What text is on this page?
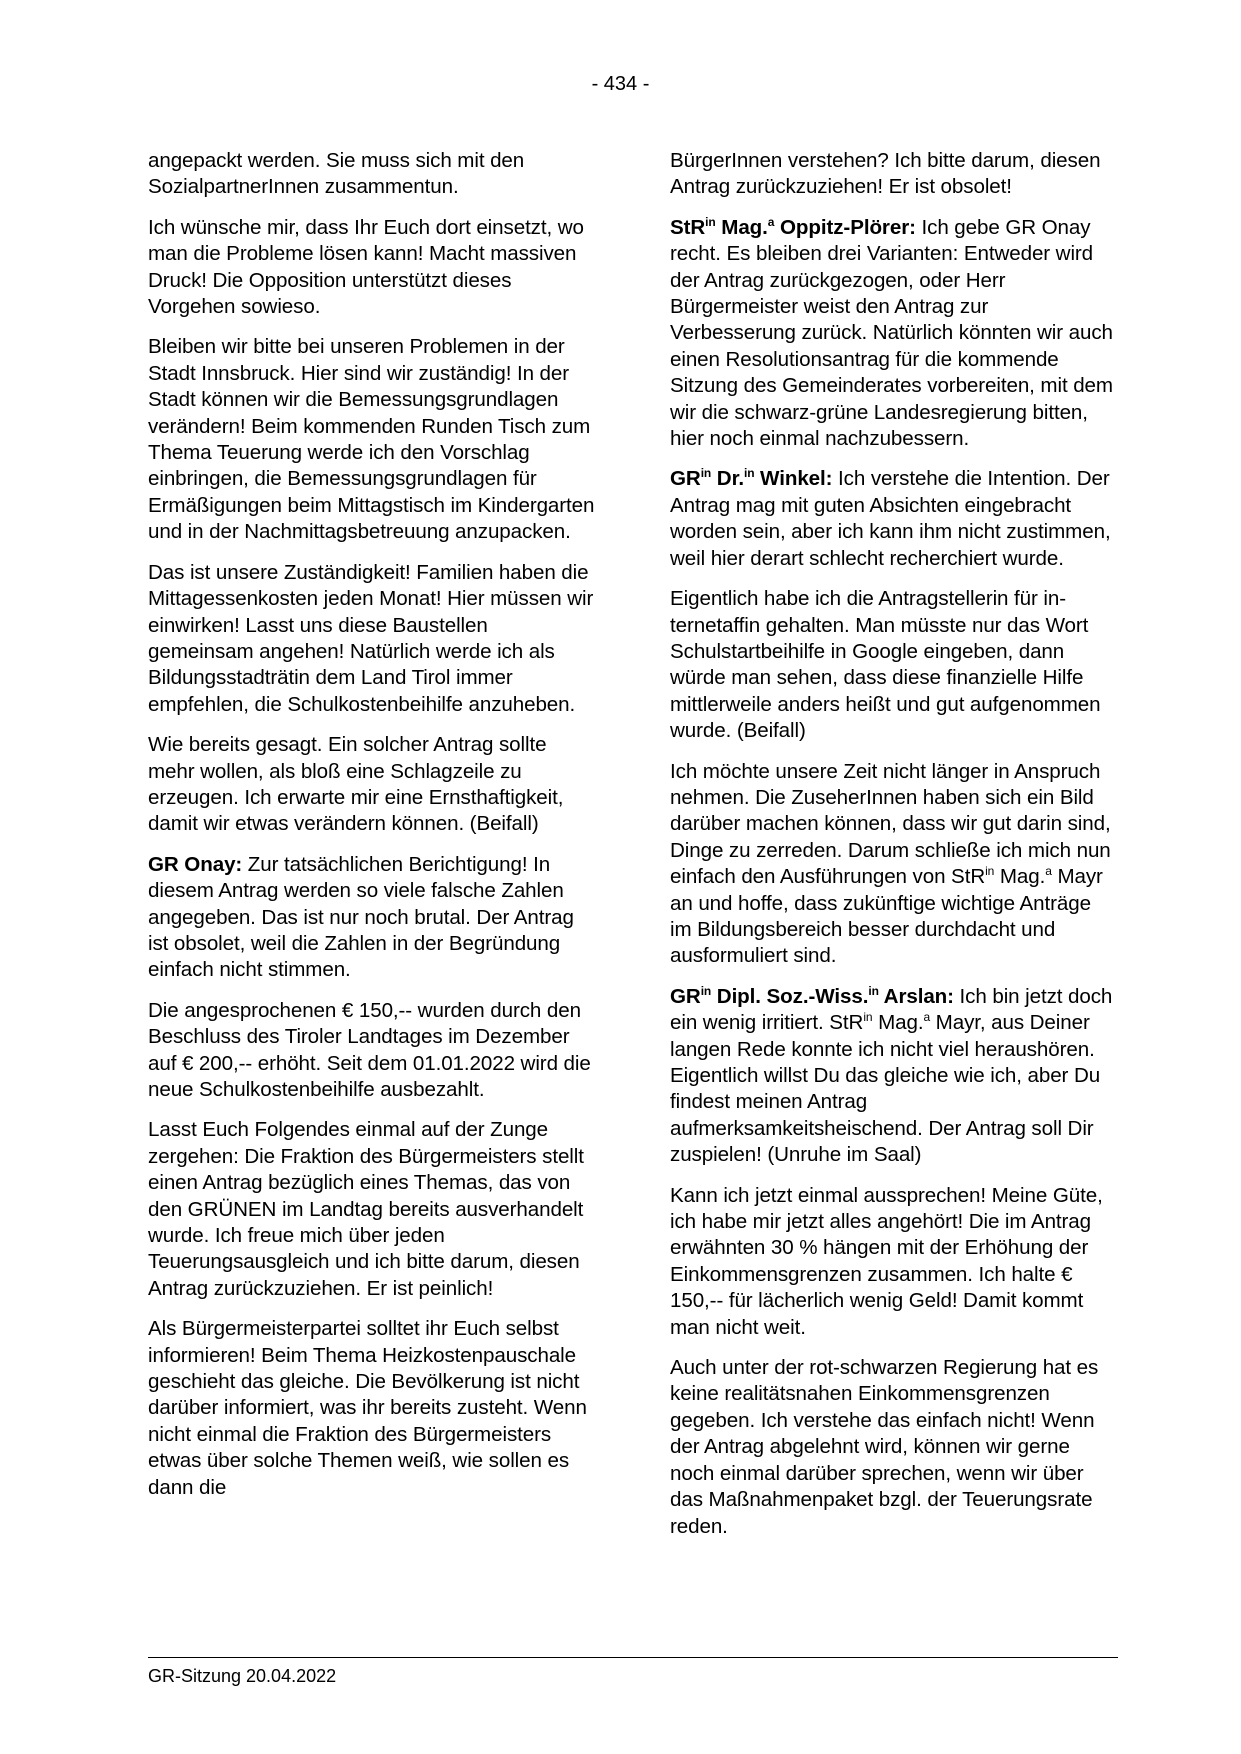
- 434 -

angepackt werden. Sie muss sich mit den SozialpartnerInnen zusammentun.

Ich wünsche mir, dass Ihr Euch dort einsetzt, wo man die Probleme lösen kann! Macht massiven Druck! Die Opposition unterstützt dieses Vorgehen sowieso.

Bleiben wir bitte bei unseren Problemen in der Stadt Innsbruck. Hier sind wir zuständig! In der Stadt können wir die Bemessungsgrundlagen verändern! Beim kommenden Runden Tisch zum Thema Teuerung werde ich den Vorschlag einbringen, die Bemessungsgrundlagen für Ermäßigungen beim Mittagstisch im Kindergarten und in der Nachmittagsbetreuung anzupacken.

Das ist unsere Zuständigkeit! Familien haben die Mittagessenkosten jeden Monat! Hier müssen wir einwirken! Lasst uns diese Baustellen gemeinsam angehen! Natürlich werde ich als Bildungsstadträtin dem Land Tirol immer empfehlen, die Schulkostenbeihilfe anzuheben.

Wie bereits gesagt. Ein solcher Antrag sollte mehr wollen, als bloß eine Schlagzeile zu erzeugen. Ich erwarte mir eine Ernsthaftigkeit, damit wir etwas verändern können. (Beifall)

GR Onay: Zur tatsächlichen Berichtigung! In diesem Antrag werden so viele falsche Zahlen angegeben. Das ist nur noch brutal. Der Antrag ist obsolet, weil die Zahlen in der Begründung einfach nicht stimmen.

Die angesprochenen € 150,-- wurden durch den Beschluss des Tiroler Landtages im Dezember auf € 200,-- erhöht. Seit dem 01.01.2022 wird die neue Schulkostenbeihilfe ausbezahlt.

Lasst Euch Folgendes einmal auf der Zunge zergehen: Die Fraktion des Bürgermeisters stellt einen Antrag bezüglich eines Themas, das von den GRÜNEN im Landtag bereits ausverhandelt wurde. Ich freue mich über jeden Teuerungsausgleich und ich bitte darum, diesen Antrag zurückzuziehen. Er ist peinlich!

Als Bürgermeisterpartei solltet ihr Euch selbst informieren! Beim Thema Heizkostenpauschale geschieht das gleiche. Die Bevölkerung ist nicht darüber informiert, was ihr bereits zusteht. Wenn nicht einmal die Fraktion des Bürgermeisters etwas über solche Themen weiß, wie sollen es dann die

BürgerInnen verstehen? Ich bitte darum, diesen Antrag zurückzuziehen! Er ist obsolet!

StR$^{in}$ Mag.$^a$ Oppitz-Plörer: Ich gebe GR Onay recht. Es bleiben drei Varianten: Entweder wird der Antrag zurückgezogen, oder Herr Bürgermeister weist den Antrag zur Verbesserung zurück. Natürlich könnten wir auch einen Resolutionsantrag für die kommende Sitzung des Gemeinderates vorbereiten, mit dem wir die schwarz-grüne Landesregierung bitten, hier noch einmal nachzubessern.

$GR^{in}$ Dr.$^{in}$ Winkel: Ich verstehe die Intention. Der Antrag mag mit guten Absichten eingebracht worden sein, aber ich kann ihm nicht zustimmen, weil hier derart schlecht recherchiert wurde.

Eigentlich habe ich die Antragstellerin für internetaffin gehalten. Man müsste nur das Wort Schulstartbeihilfe in Google eingeben, dann würde man sehen, dass diese finanzielle Hilfe mittlerweile anders heißt und gut aufgenommen wurde. (Beifall)

Ich möchte unsere Zeit nicht länger in Anspruch nehmen. Die ZuseherInnen haben sich ein Bild darüber machen können, dass wir gut darin sind, Dinge zu zerreden. Darum schließe ich mich nun einfach den Ausführungen von StR$^{in}$ Mag.$^a$ Mayr an und hoffe, dass zukünftige wichtige Anträge im Bildungsbereich besser durchdacht und ausformuliert sind.

$GR^{in}$ Dipl. Soz.-Wiss.$^{in}$ Arslan: Ich bin jetzt doch ein wenig irritiert. StR$^{in}$ Mag.$^a$ Mayr, aus Deiner langen Rede konnte ich nicht viel heraushören. Eigentlich willst Du das gleiche wie ich, aber Du findest meinen Antrag aufmerksamkeitsheischend. Der Antrag soll Dir zuspielen! (Unruhe im Saal)

Kann ich jetzt einmal aussprechen! Meine Güte, ich habe mir jetzt alles angehört! Die im Antrag erwähnten 30 % hängen mit der Erhöhung der Einkommensgrenzen zusammen. Ich halte € 150,-- für lächerlich wenig Geld! Damit kommt man nicht weit.

Auch unter der rot-schwarzen Regierung hat es keine realitätsnahen Einkommensgrenzen gegeben. Ich verstehe das einfach nicht! Wenn der Antrag abgelehnt wird, können wir gerne noch einmal darüber sprechen, wenn wir über das Maßnahmenpaket bzgl. der Teuerungsrate reden.

GR-Sitzung 20.04.2022
